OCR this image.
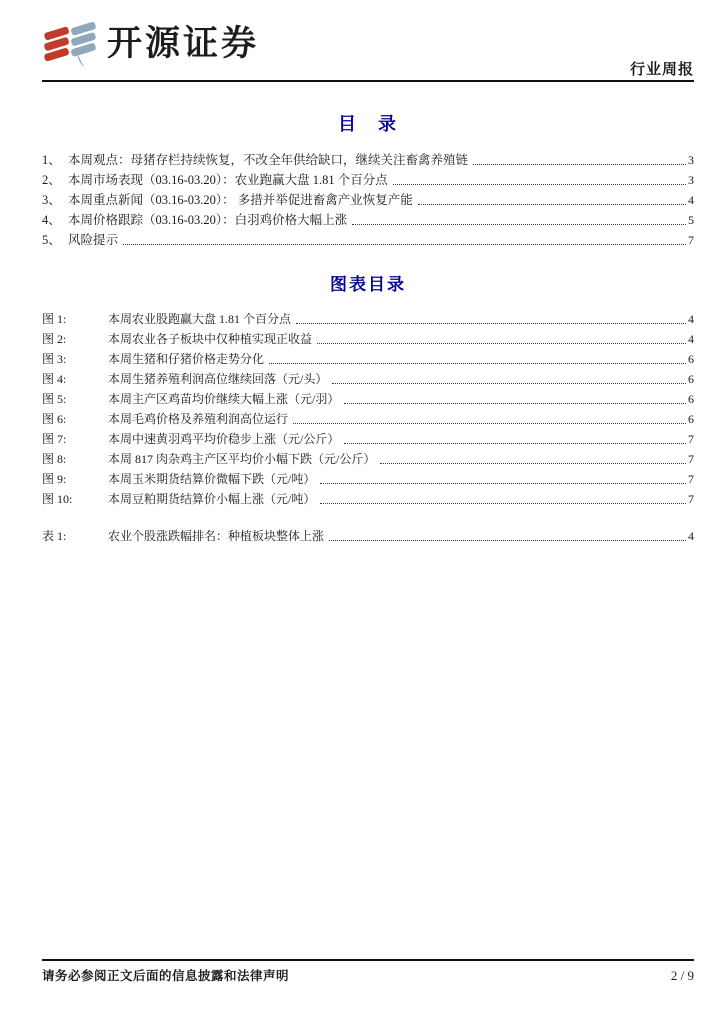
开源证券
行业周报
目　录
1、 本周观点：母猪存栏持续恢复，不改全年供给缺口，继续关注畜禽养殖链	3
2、 本周市场表现（03.16-03.20）：农业跑赢大盘 1.81 个百分点	3
3、 本周重点新闻（03.16-03.20）： 多措并举促进畜禽产业恢复产能	4
4、 本周价格跟踪（03.16-03.20）：白羽鸡价格大幅上涨	5
5、 风险提示	7
图表目录
图 1:	本周农业股跑赢大盘 1.81 个百分点	4
图 2:	本周农业各子板块中仅种植实现正收益	4
图 3:	本周生猪和仔猪价格走势分化	6
图 4:	本周生猪养殖利润高位继续回落（元/头）	6
图 5:	本周主产区鸡苗均价继续大幅上涨（元/羽）	6
图 6:	本周毛鸡价格及养殖利润高位运行	6
图 7:	本周中速黄羽鸡平均价稳步上涨（元/公斤）	7
图 8:	本周 817 肉杂鸡主产区平均价小幅下跌（元/公斤）	7
图 9:	本周玉米期货结算价微幅下跌（元/吨）	7
图 10:	本周豆粕期货结算价小幅上涨（元/吨）	7
表 1:	农业个股涨跌幅排名：种植板块整体上涨	4
请务必参阅正文后面的信息披露和法律声明	2 / 9
